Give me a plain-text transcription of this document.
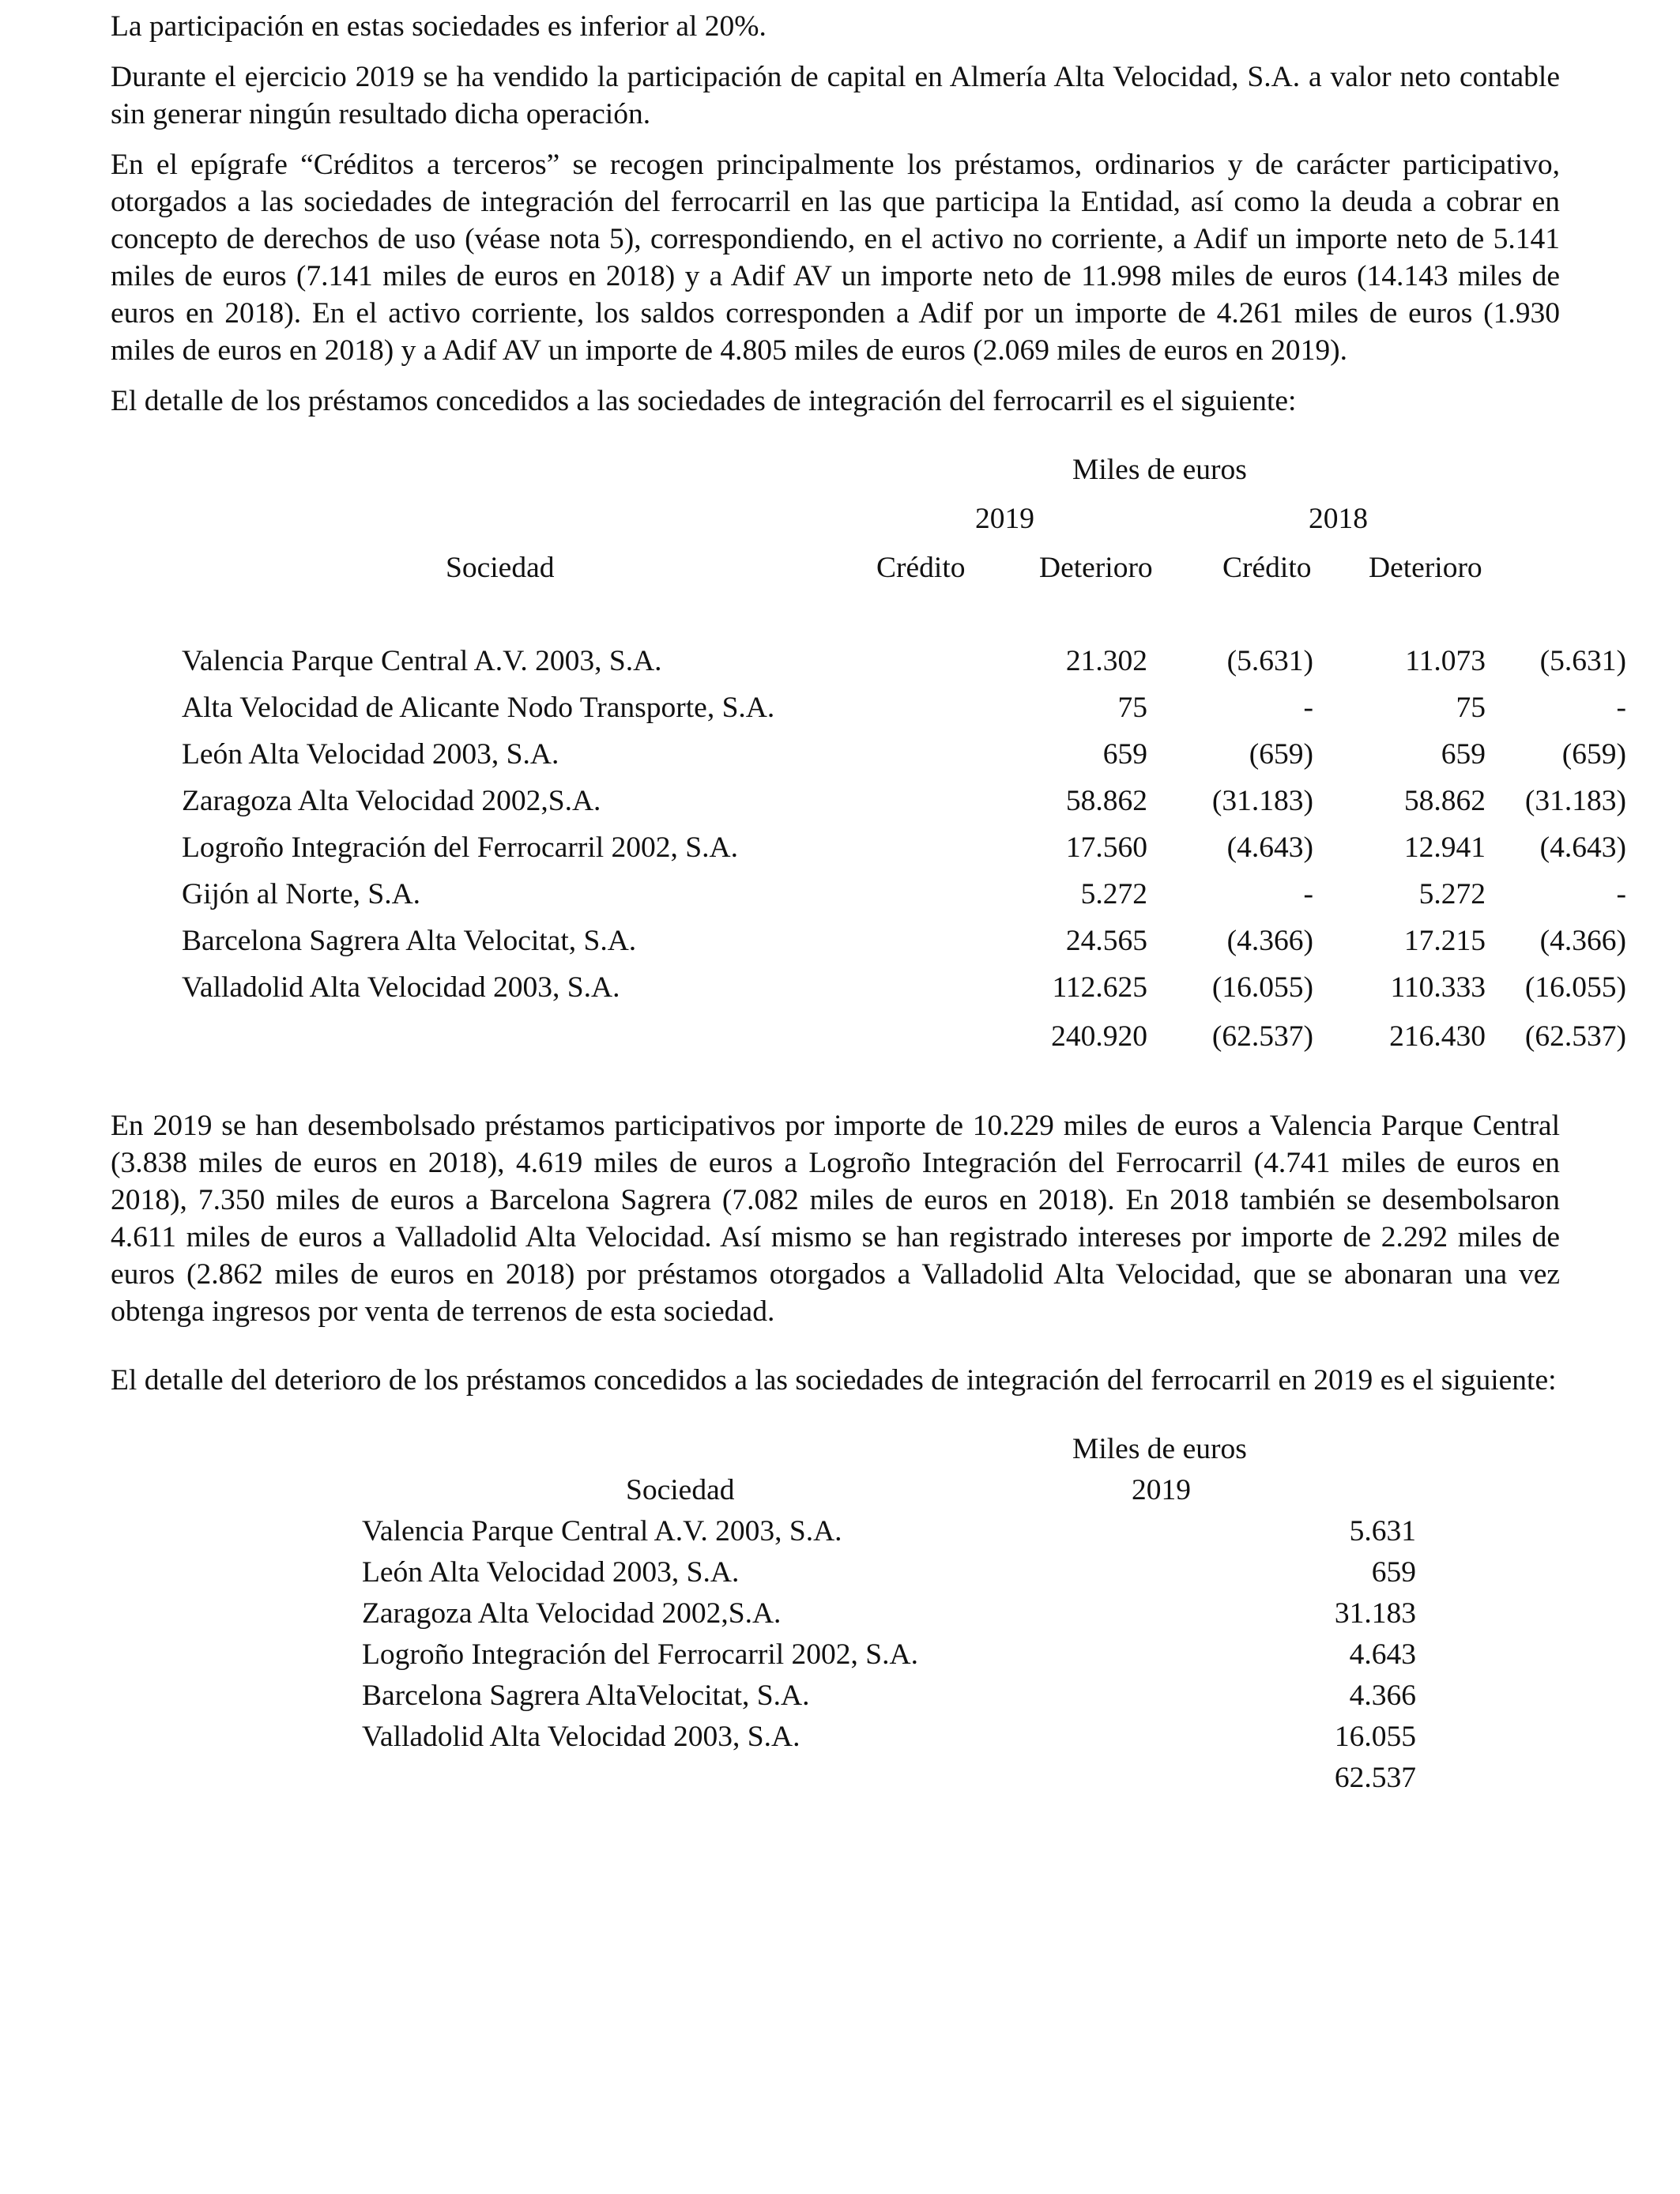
La participación en estas sociedades es inferior al 20%.

Durante el ejercicio 2019 se ha vendido la participación de capital en Almería Alta Velocidad, S.A. a valor neto contable sin generar ningún resultado dicha operación.

En el epígrafe “Créditos a terceros” se recogen principalmente los préstamos, ordinarios y de carácter participativo, otorgados a las sociedades de integración del ferrocarril en las que participa la Entidad, así como la deuda a cobrar en concepto de derechos de uso (véase nota 5), correspondiendo, en el activo no corriente, a Adif un importe neto de 5.141 miles de euros (7.141 miles de euros en 2018) y a Adif AV un importe neto de 11.998 miles de euros (14.143 miles de euros en 2018). En el activo corriente, los saldos corresponden a Adif por un importe de 4.261 miles de euros (1.930 miles de euros en 2018) y a Adif AV un importe de 4.805 miles de euros (2.069 miles de euros en 2019).

El detalle de los préstamos concedidos a las sociedades de integración del ferrocarril es el siguiente:

Miles de euros
2019	2018
Sociedad	Crédito Deterioro Crédito Deterioro
Valencia Parque Central A.V. 2003, S.A.	21.302	(5.631)	11.073 (5.631)
Alta Velocidad de Alicante Nodo Transporte, S.A.	75	-	75	-
León Alta Velocidad 2003, S.A.	659	(659)	659	(659)
Zaragoza Alta Velocidad 2002,S.A.	58.862 (31.183)	58.862 (31.183)
Logroño Integración del Ferrocarril 2002, S.A.	17.560	(4.643)	12.941 (4.643)
Gijón al Norte, S.A.	5.272	-	5.272	-
Barcelona Sagrera Alta Velocitat, S.A.	24.565	(4.366)	17.215 (4.366)
Valladolid Alta Velocidad 2003, S.A.	112.625 (16.055)	110.333 (16.055)
240.920 (62.537)	216.430 (62.537)

En 2019 se han desembolsado préstamos participativos por importe de 10.229 miles de euros a Valencia Parque Central (3.838 miles de euros en 2018), 4.619 miles de euros a Logroño Integración del Ferrocarril (4.741 miles de euros en 2018), 7.350 miles de euros a Barcelona Sagrera (7.082 miles de euros en 2018). En 2018 también se desembolsaron 4.611 miles de euros a Valladolid Alta Velocidad. Así mismo se han registrado intereses por importe de 2.292 miles de euros (2.862 miles de euros en 2018) por préstamos otorgados a Valladolid Alta Velocidad, que se abonaran una vez obtenga ingresos por venta de terrenos de esta sociedad.

El detalle del deterioro de los préstamos concedidos a las sociedades de integración del ferrocarril en 2019 es el siguiente:

Miles de euros
Sociedad	2019
Valencia Parque Central A.V. 2003, S.A.	5.631
León Alta Velocidad 2003, S.A.	659
Zaragoza Alta Velocidad 2002,S.A.	31.183
Logroño Integración del Ferrocarril 2002, S.A.	4.643
Barcelona Sagrera AltaVelocitat, S.A.	4.366
Valladolid Alta Velocidad 2003, S.A.	16.055
62.537
